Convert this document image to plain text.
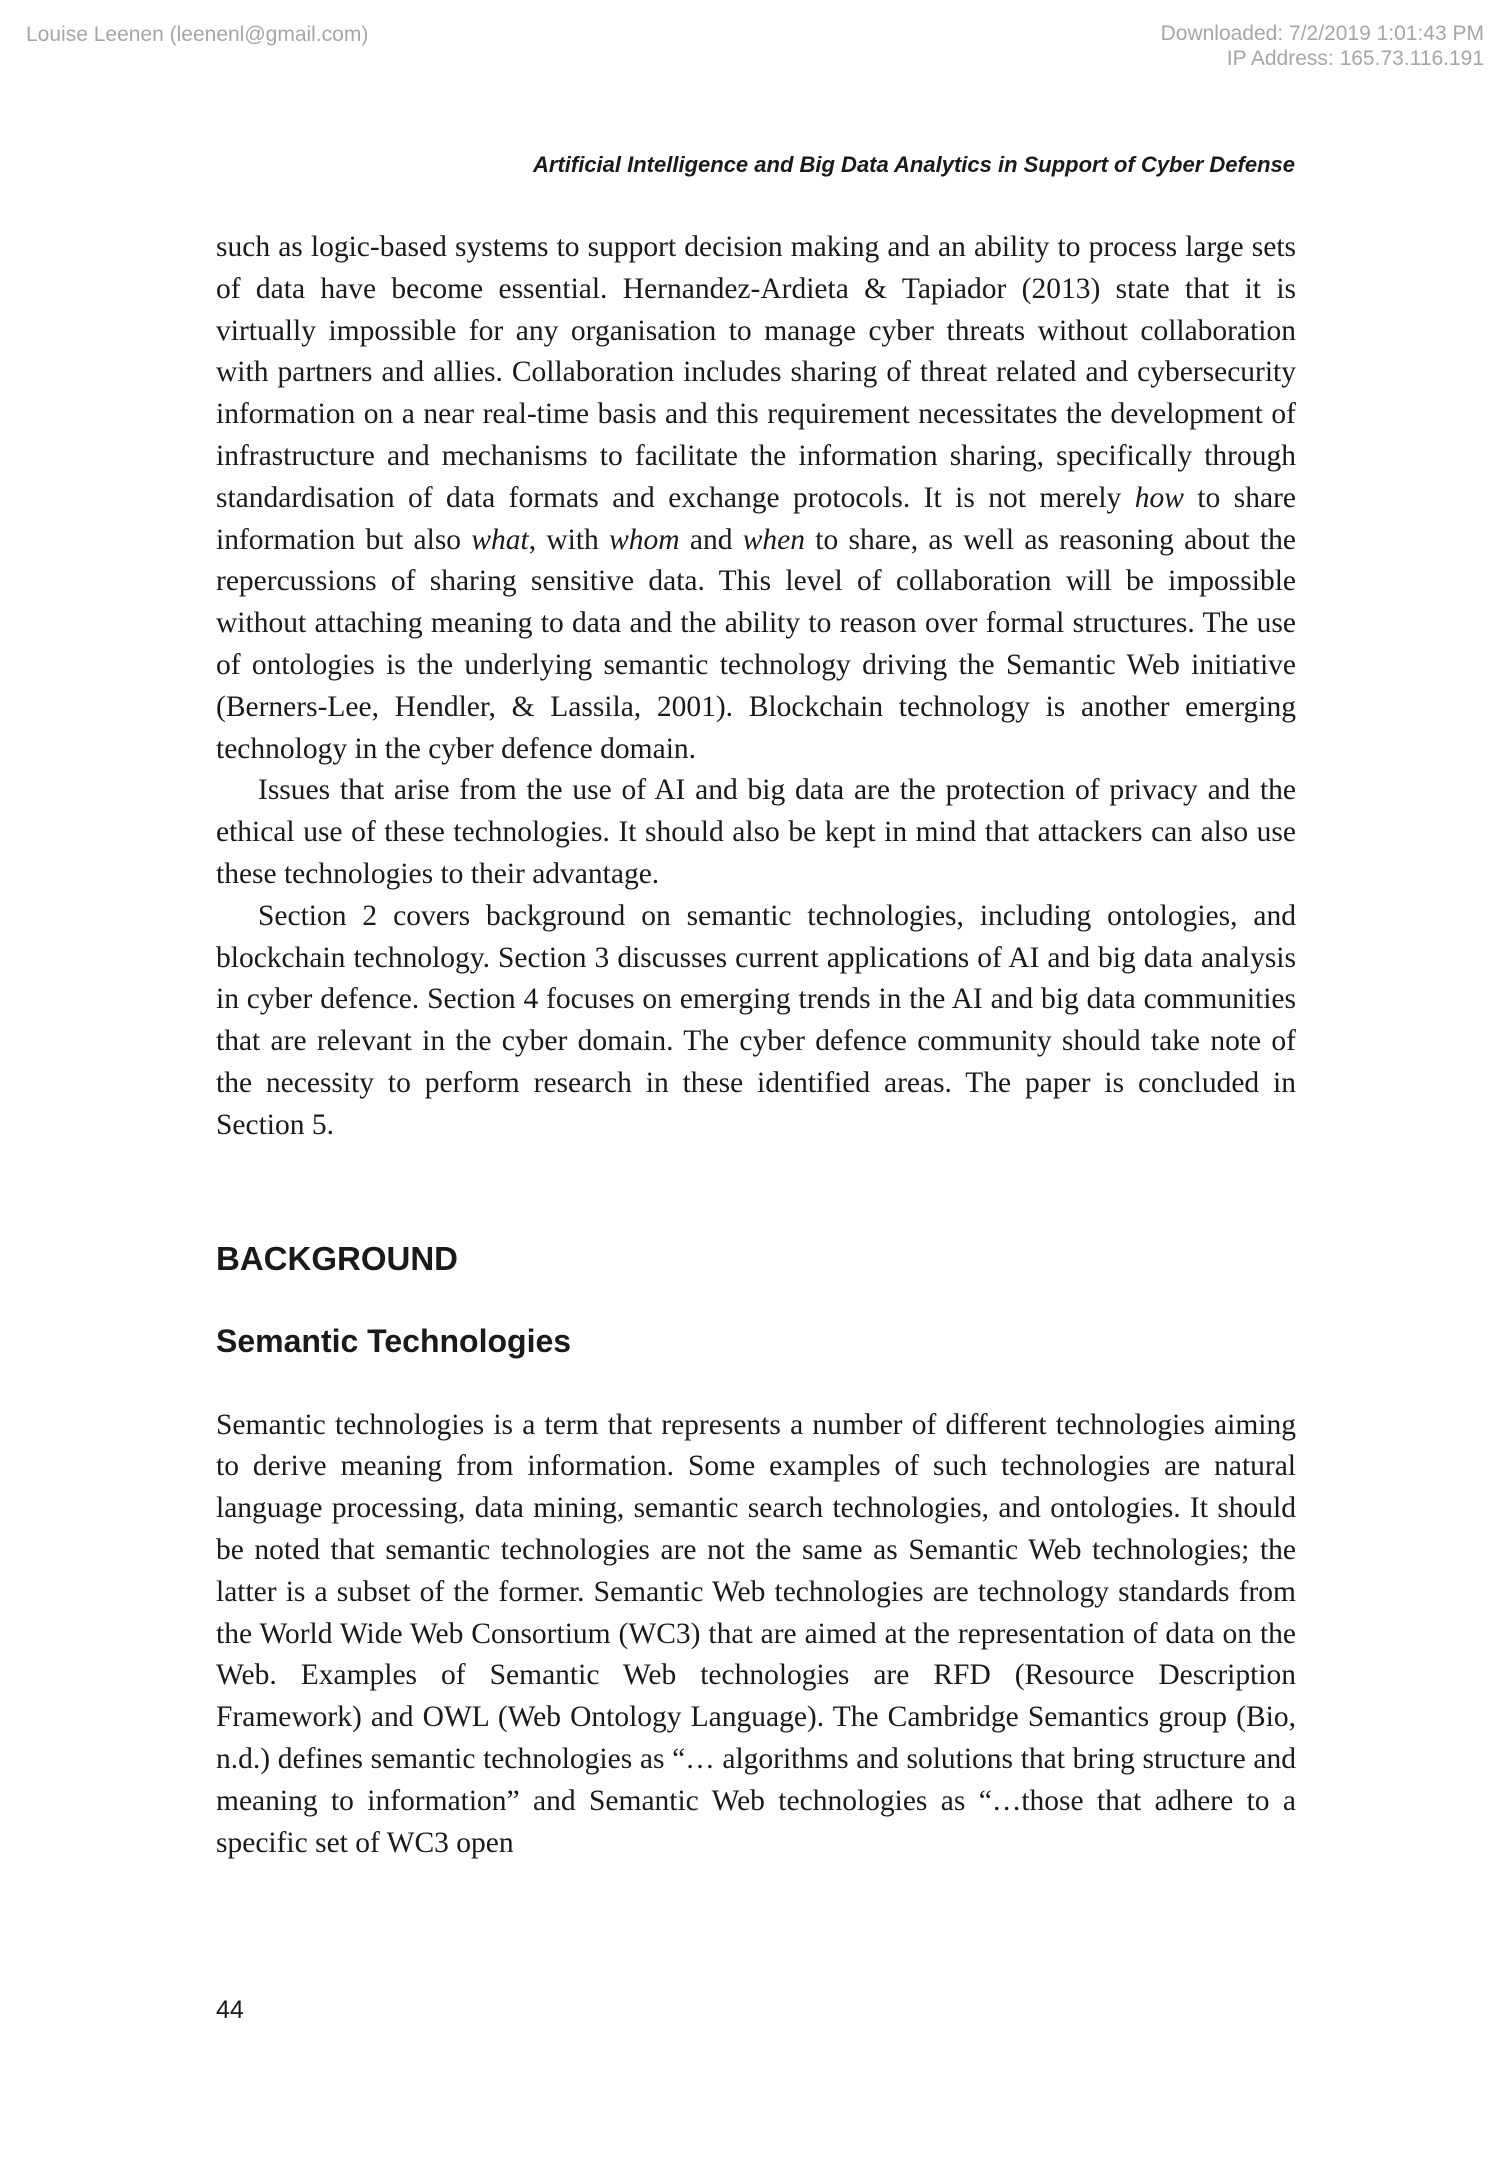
Louise Leenen (leenenl@gmail.com)	Downloaded: 7/2/2019 1:01:43 PM
IP Address: 165.73.116.191
Artificial Intelligence and Big Data Analytics in Support of Cyber Defense

such as logic-based systems to support decision making and an ability to process large sets of data have become essential. Hernandez-Ardieta & Tapiador (2013) state that it is virtually impossible for any organisation to manage cyber threats without collaboration with partners and allies. Collaboration includes sharing of threat related and cybersecurity information on a near real-time basis and this requirement necessitates the development of infrastructure and mechanisms to facilitate the information sharing, specifically through standardisation of data formats and exchange protocols. It is not merely how to share information but also what, with whom and when to share, as well as reasoning about the repercussions of sharing sensitive data. This level of collaboration will be impossible without attaching meaning to data and the ability to reason over formal structures. The use of ontologies is the underlying semantic technology driving the Semantic Web initiative (Berners-Lee, Hendler, & Lassila, 2001). Blockchain technology is another emerging technology in the cyber defence domain.

Issues that arise from the use of AI and big data are the protection of privacy and the ethical use of these technologies. It should also be kept in mind that attackers can also use these technologies to their advantage.

Section 2 covers background on semantic technologies, including ontologies, and blockchain technology. Section 3 discusses current applications of AI and big data analysis in cyber defence. Section 4 focuses on emerging trends in the AI and big data communities that are relevant in the cyber domain. The cyber defence community should take note of the necessity to perform research in these identified areas. The paper is concluded in Section 5.

BACKGROUND
Semantic Technologies

Semantic technologies is a term that represents a number of different technologies aiming to derive meaning from information. Some examples of such technologies are natural language processing, data mining, semantic search technologies, and ontologies. It should be noted that semantic technologies are not the same as Semantic Web technologies; the latter is a subset of the former. Semantic Web technologies are technology standards from the World Wide Web Consortium (WC3) that are aimed at the representation of data on the Web. Examples of Semantic Web technologies are RFD (Resource Description Framework) and OWL (Web Ontology Language). The Cambridge Semantics group (Bio, n.d.) defines semantic technologies as “… algorithms and solutions that bring structure and meaning to information” and Semantic Web technologies as “…those that adhere to a specific set of WC3 open

44
